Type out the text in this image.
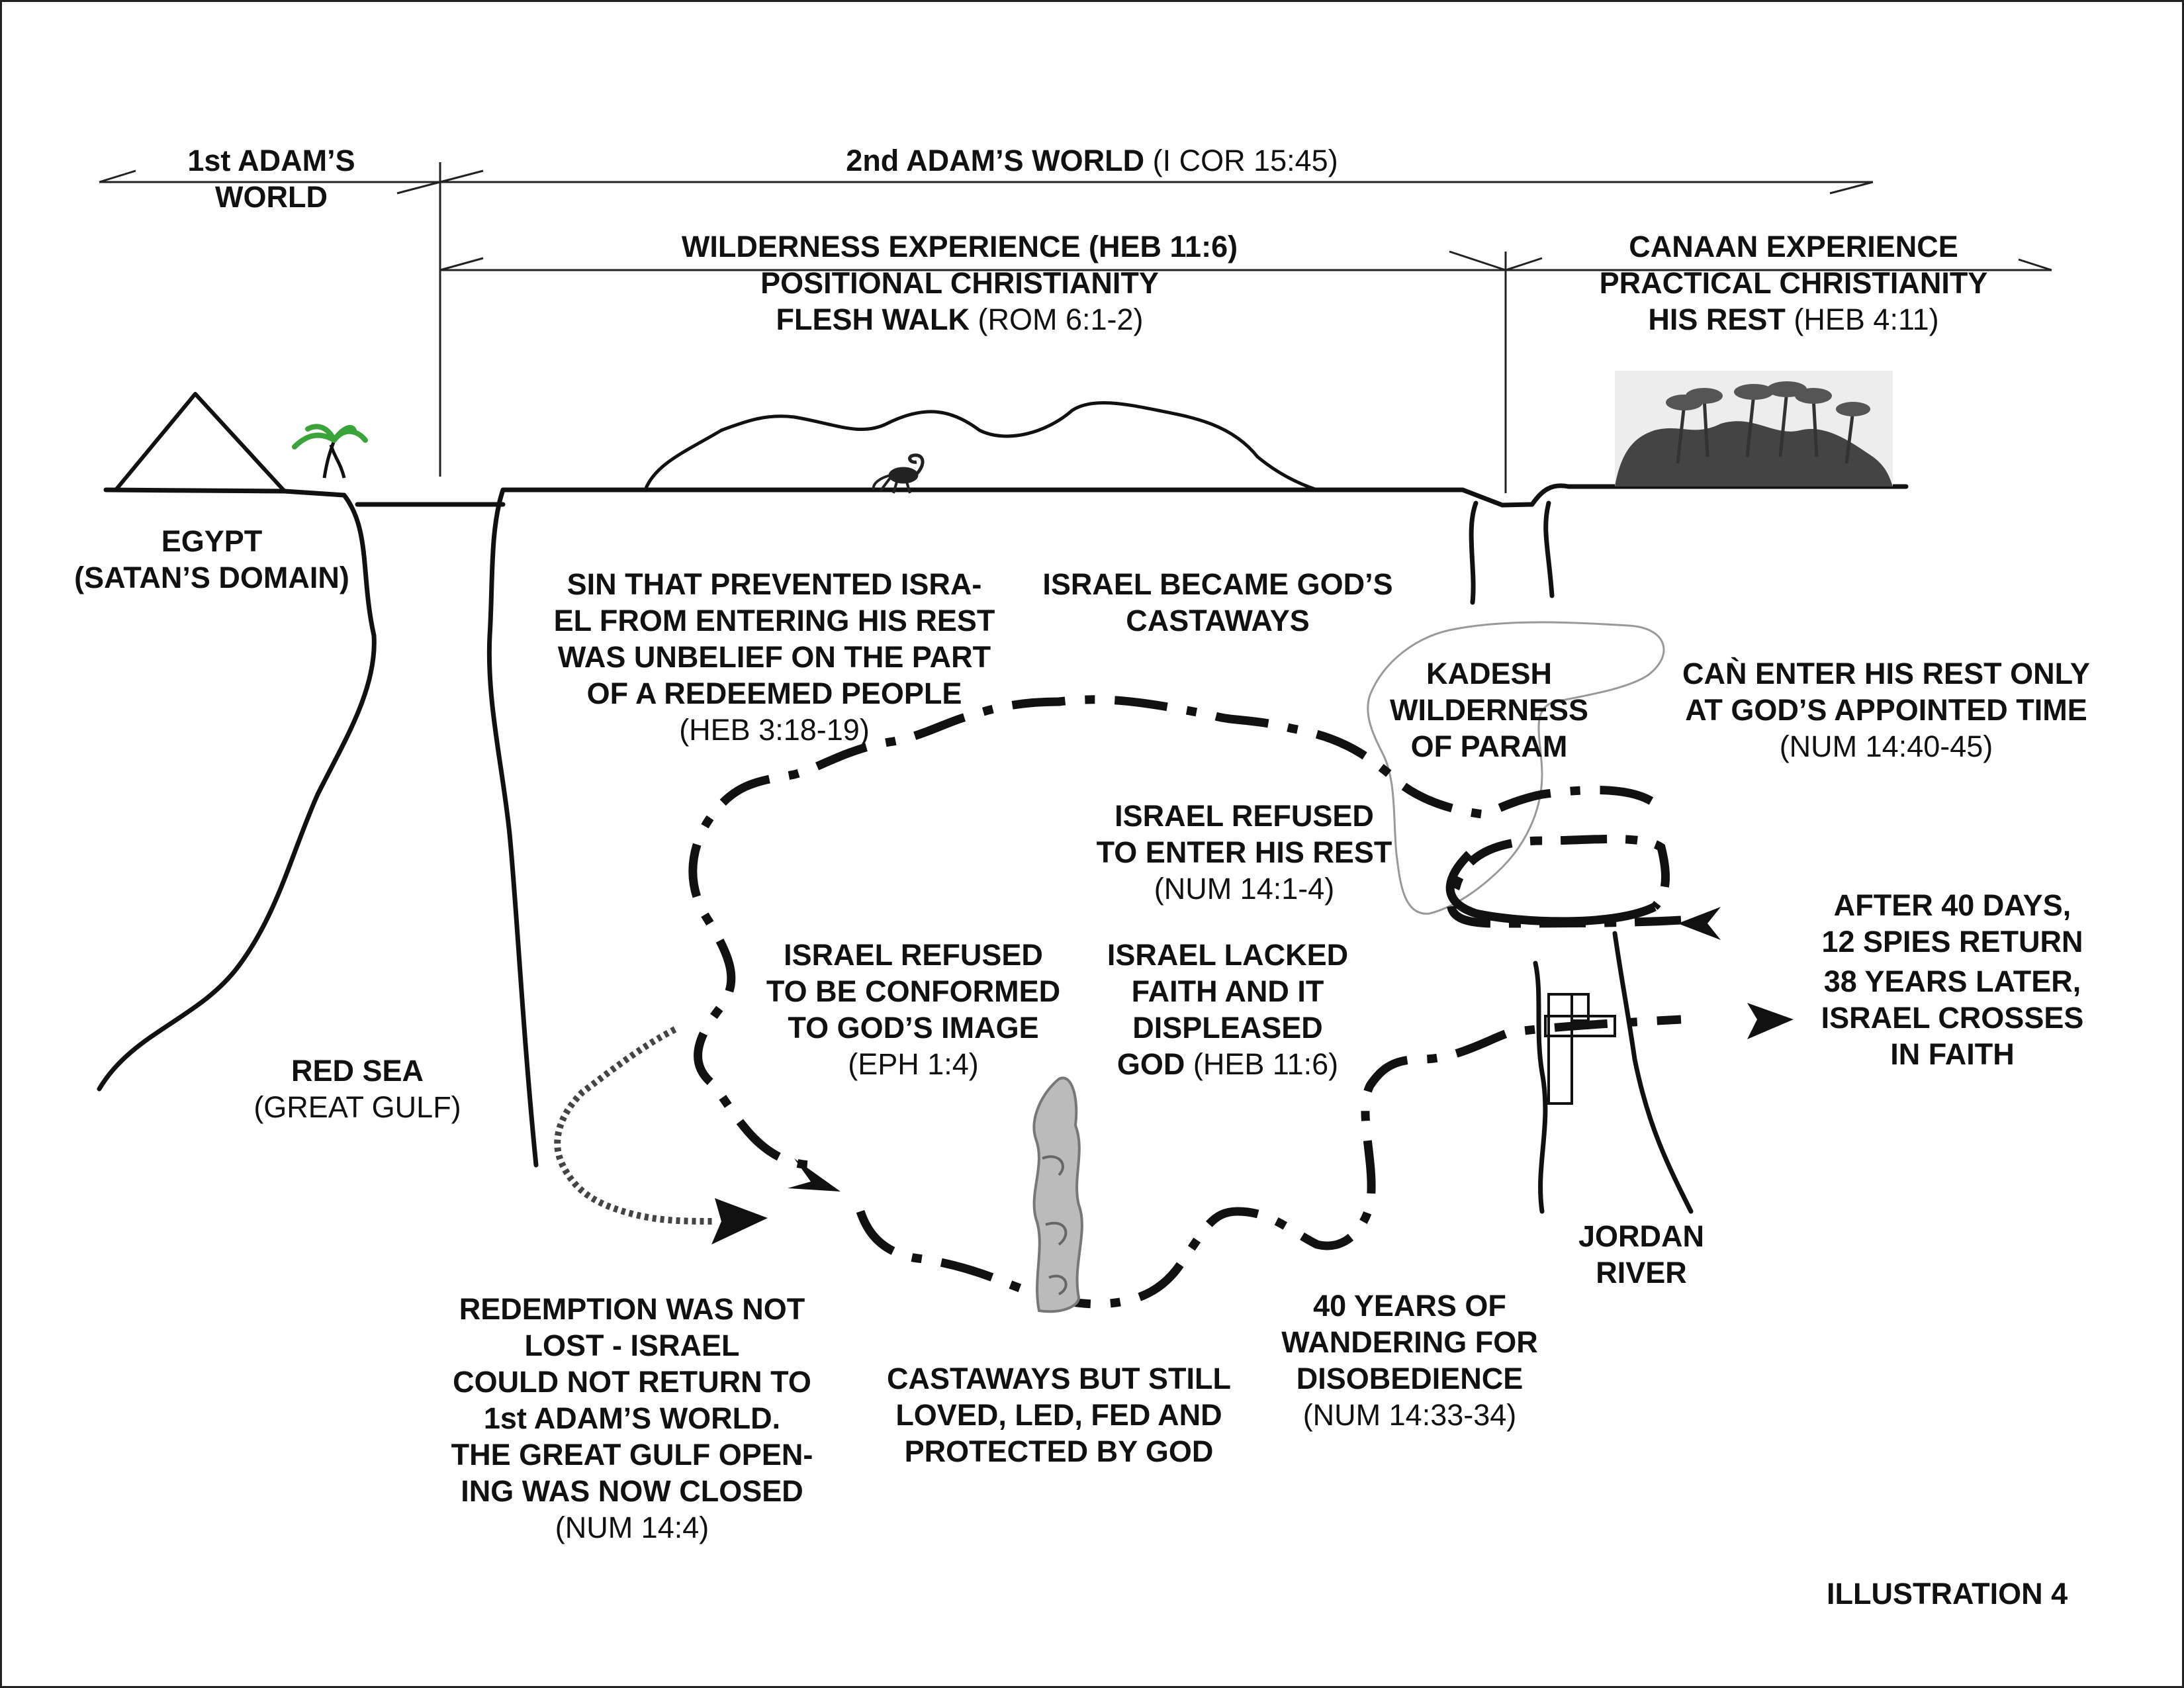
1st ADAM’S
WORLD
2nd ADAM’S WORLD (I COR 15:45)
WILDERNESS EXPERIENCE (HEB 11:6)
POSITIONAL CHRISTIANITY
FLESH WALK (ROM 6:1-2)
CANAAN EXPERIENCE
PRACTICAL CHRISTIANITY
HIS REST (HEB 4:11)
EGYPT
(SATAN’S DOMAIN)
RED SEA
(GREAT GULF)
SIN THAT PREVENTED ISRA-
EL FROM ENTERING HIS REST
WAS UNBELIEF ON THE PART
OF A REDEEMED PEOPLE
(HEB 3:18-19)
ISRAEL BECAME GOD’S
CASTAWAYS
KADESH
WILDERNESS
OF PARAM
CAǸ ENTER HIS REST ONLY
AT GOD’S APPOINTED TIME
(NUM 14:40-45)
ISRAEL REFUSED
TO ENTER HIS REST
(NUM 14:1-4)	AFTER 40 DAYS,
12 SPIES RETURN
38 YEARS LATER,
ISRAEL CROSSES
IN FAITH
ISRAEL REFUSED
TO BE CONFORMED
TO GOD’S IMAGE
(EPH 1:4)
ISRAEL LACKED
FAITH AND IT
DISPLEASED
GOD (HEB 11:6)
JORDAN
RIVER
REDEMPTION WAS NOT
LOST - ISRAEL
COULD NOT RETURN TO
1st ADAM’S WORLD.
THE GREAT GULF OPEN-
ING WAS NOW CLOSED
(NUM 14:4)
CASTAWAYS BUT STILL
LOVED, LED, FED AND
PROTECTED BY GOD
40 YEARS OF
WANDERING FOR
DISOBEDIENCE
(NUM 14:33-34)
ILLUSTRATION 4
